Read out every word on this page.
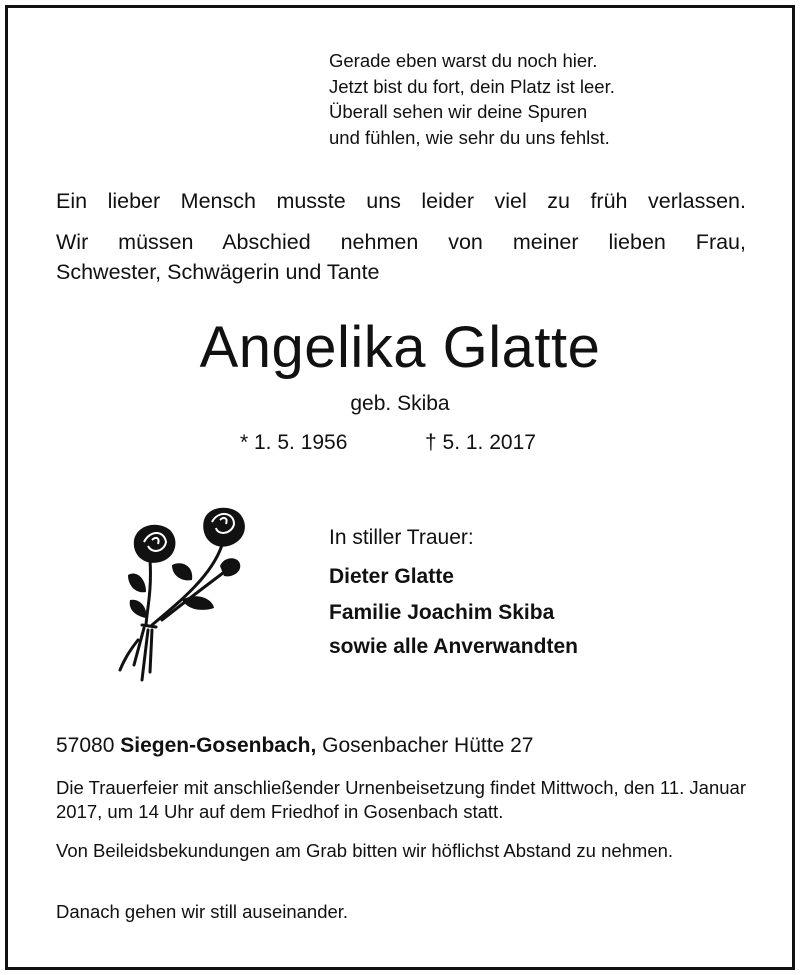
Gerade eben warst du noch hier.
Jetzt bist du fort, dein Platz ist leer.
Überall sehen wir deine Spuren
und fühlen, wie sehr du uns fehlst.
Ein lieber Mensch musste uns leider viel zu früh verlassen.
Wir müssen Abschied nehmen von meiner lieben Frau,
Schwester, Schwägerin und Tante
Angelika Glatte
geb. Skiba
* 1. 5. 1956	† 5. 1. 2017
In stiller Trauer:
Dieter Glatte
Familie Joachim Skiba
sowie alle Anverwandten
57080 Siegen-Gosenbach, Gosenbacher Hütte 27
Die Trauerfeier mit anschließender Urnenbeisetzung findet Mittwoch, den 11. Januar 2017, um 14 Uhr auf dem Friedhof in Gosenbach statt.
Von Beileidsbekundungen am Grab bitten wir höflichst Abstand zu nehmen.
Danach gehen wir still auseinander.
